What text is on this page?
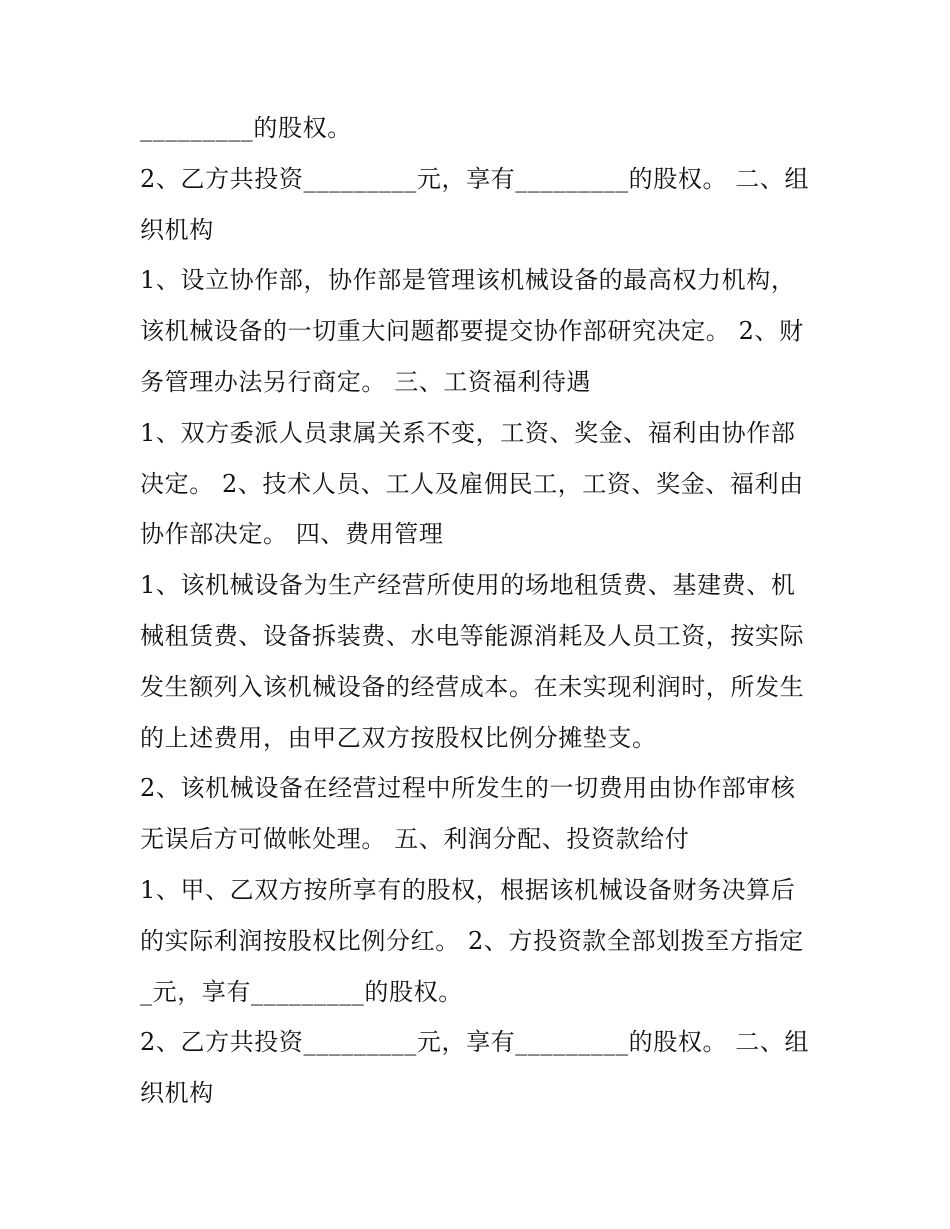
_________的股权。
2、乙方共投资_________元，享有_________的股权。 二、组
织机构
1、设立协作部，协作部是管理该机械设备的最高权力机构，
该机械设备的一切重大问题都要提交协作部研究决定。 2、财
务管理办法另行商定。 三、工资福利待遇
1、双方委派人员隶属关系不变，工资、奖金、福利由协作部
决定。 2、技术人员、工人及雇佣民工，工资、奖金、福利由
协作部决定。 四、费用管理
1、该机械设备为生产经营所使用的场地租赁费、基建费、机
械租赁费、设备拆装费、水电等能源消耗及人员工资，按实际
发生额列入该机械设备的经营成本。在未实现利润时，所发生
的上述费用，由甲乙双方按股权比例分摊垫支。
2、该机械设备在经营过程中所发生的一切费用由协作部审核
无误后方可做帐处理。 五、利润分配、投资款给付
1、甲、乙双方按所享有的股权，根据该机械设备财务决算后
的实际利润按股权比例分红。 2、方投资款全部划拨至方指定
_元，享有_________的股权。
2、乙方共投资_________元，享有_________的股权。 二、组
织机构
